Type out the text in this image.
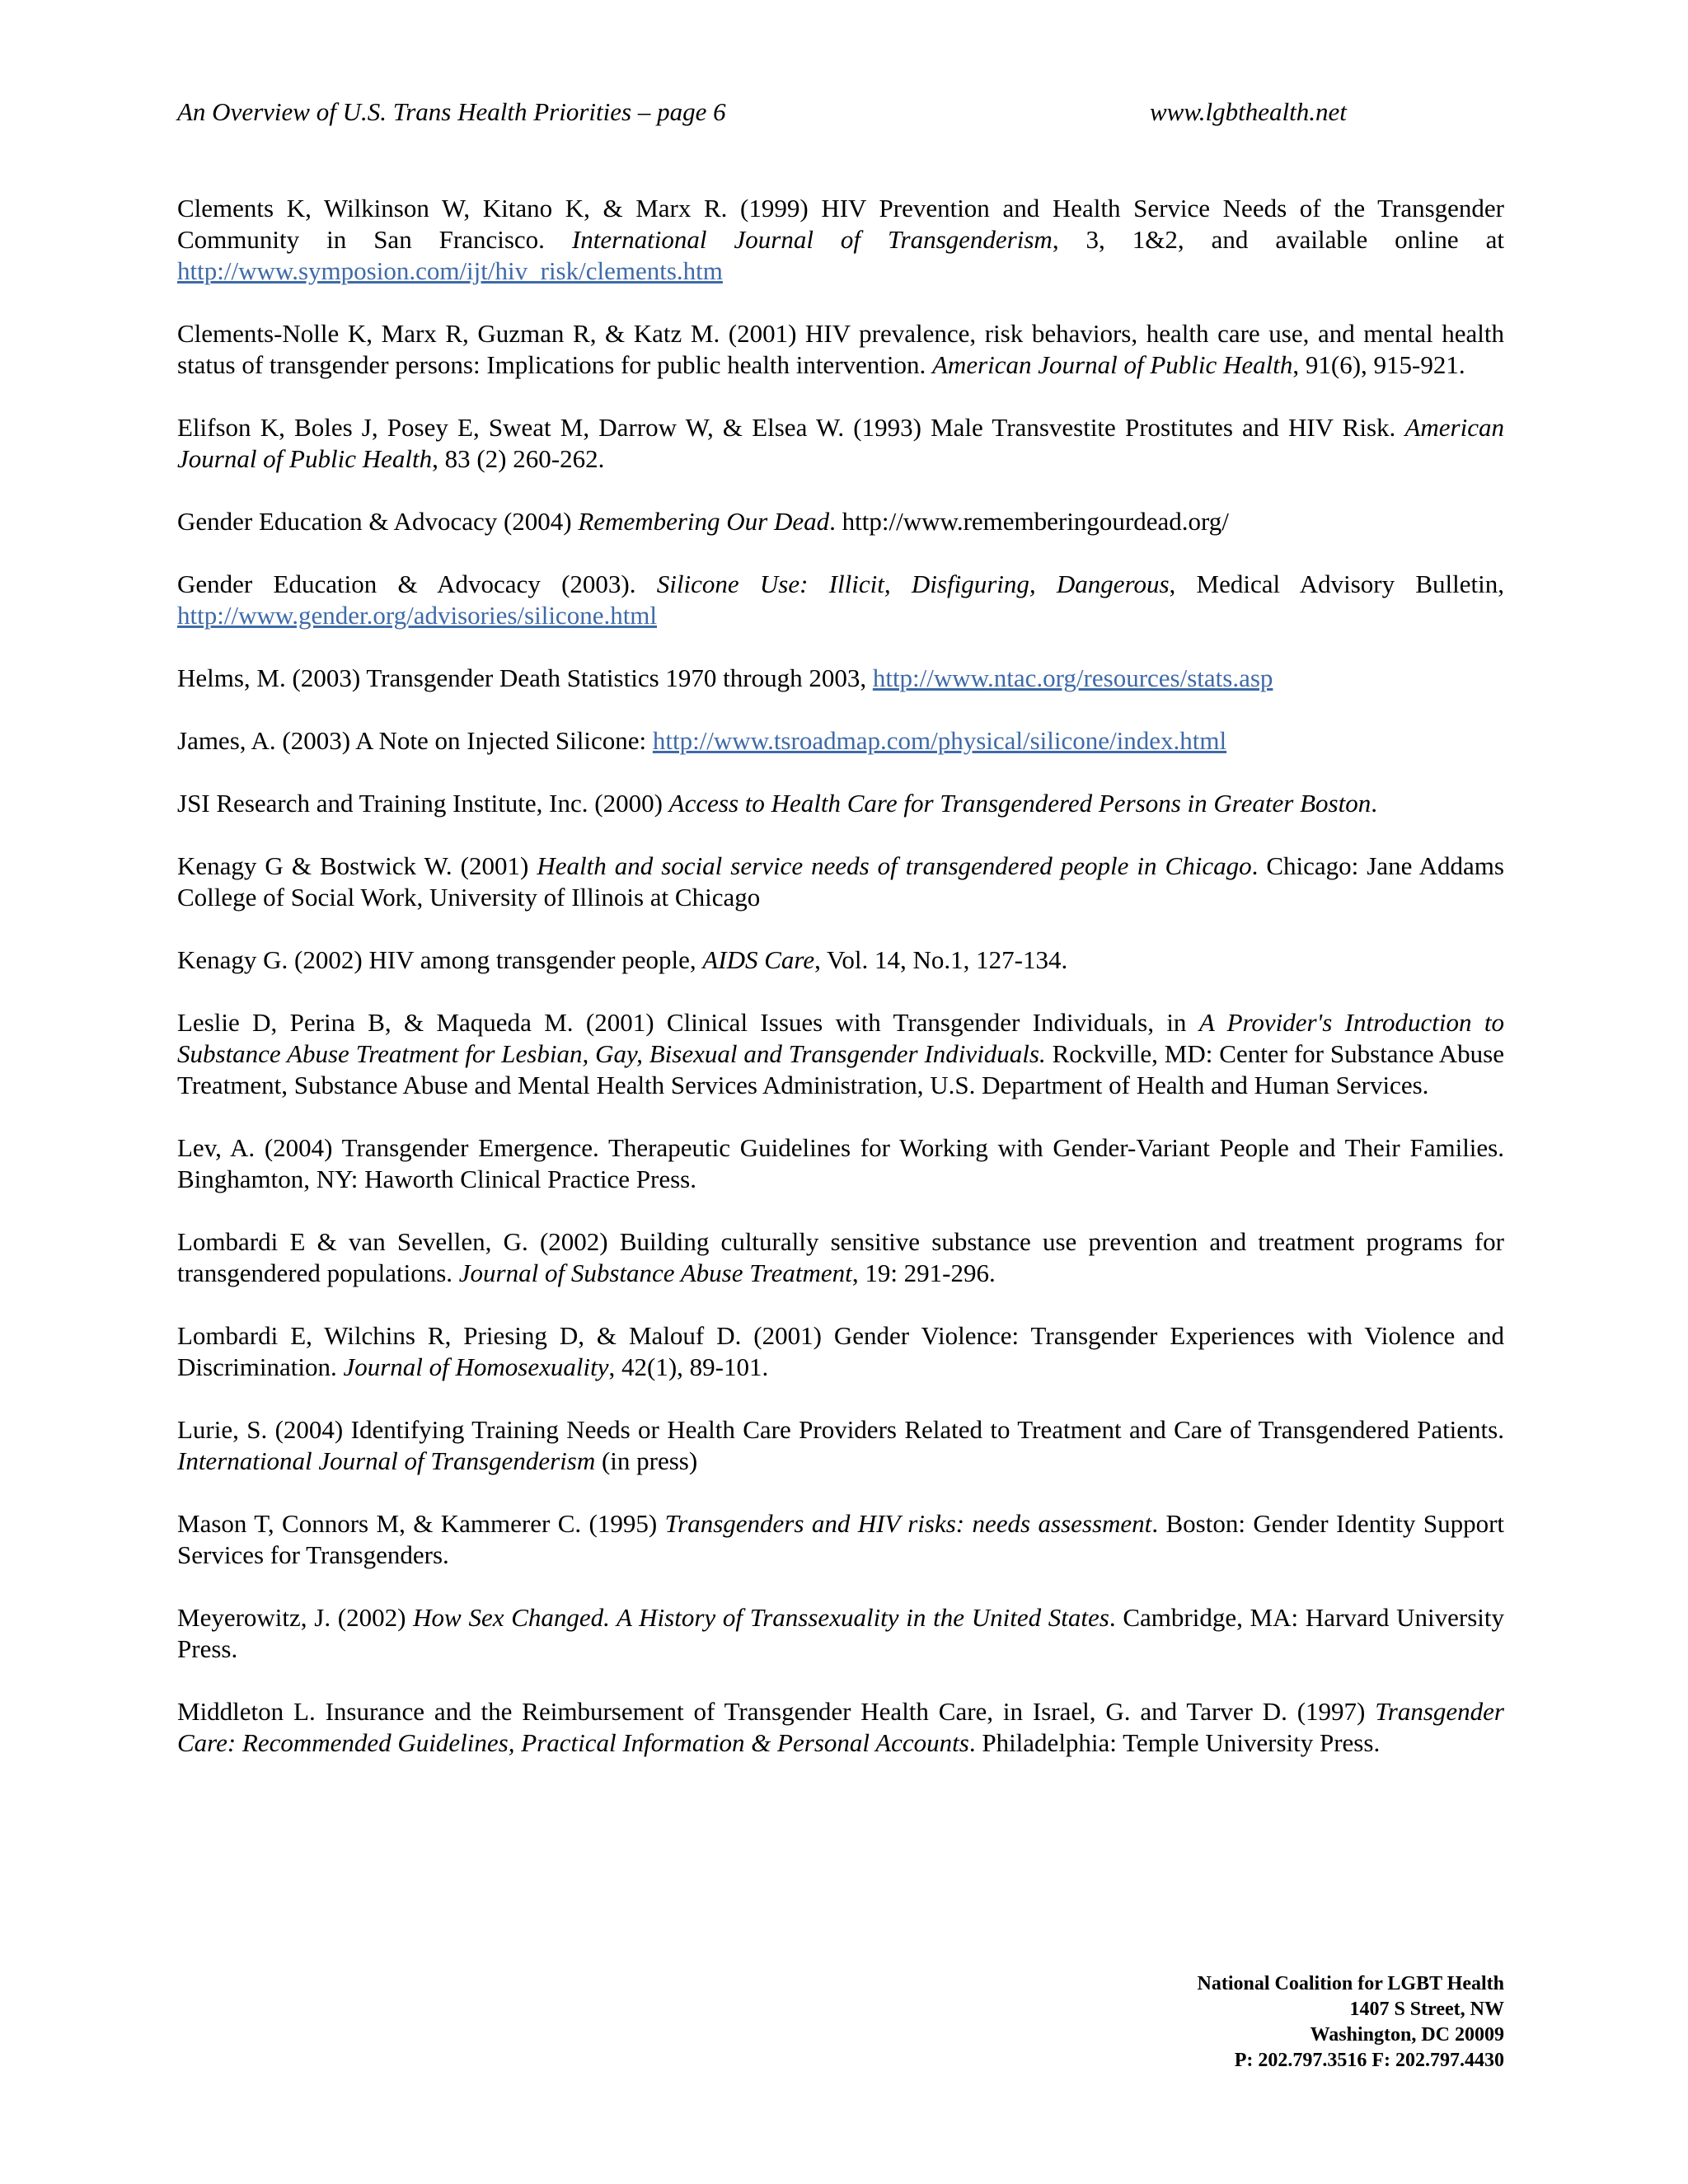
An Overview of U.S. Trans Health Priorities – page 6	www.lgbthealth.net

Clements K, Wilkinson W, Kitano K, & Marx R. (1999) HIV Prevention and Health Service Needs of the Transgender Community in San Francisco. International Journal of Transgenderism, 3, 1&2, and available online at http://www.symposion.com/ijt/hiv_risk/clements.htm

Clements-Nolle K, Marx R, Guzman R, & Katz M. (2001) HIV prevalence, risk behaviors, health care use, and mental health status of transgender persons: Implications for public health intervention. American Journal of Public Health, 91(6), 915-921.

Elifson K, Boles J, Posey E, Sweat M, Darrow W, & Elsea W. (1993) Male Transvestite Prostitutes and HIV Risk. American Journal of Public Health, 83 (2) 260-262.

Gender Education & Advocacy (2004) Remembering Our Dead. http://www.rememberingourdead.org/

Gender Education & Advocacy (2003). Silicone Use: Illicit, Disfiguring, Dangerous, Medical Advisory Bulletin, http://www.gender.org/advisories/silicone.html

Helms, M. (2003) Transgender Death Statistics 1970 through 2003, http://www.ntac.org/resources/stats.asp

James, A. (2003) A Note on Injected Silicone: http://www.tsroadmap.com/physical/silicone/index.html

JSI Research and Training Institute, Inc. (2000) Access to Health Care for Transgendered Persons in Greater Boston.

Kenagy G & Bostwick W. (2001) Health and social service needs of transgendered people in Chicago. Chicago: Jane Addams College of Social Work, University of Illinois at Chicago

Kenagy G. (2002) HIV among transgender people, AIDS Care, Vol. 14, No.1, 127-134.

Leslie D, Perina B, & Maqueda M. (2001) Clinical Issues with Transgender Individuals, in A Provider's Introduction to Substance Abuse Treatment for Lesbian, Gay, Bisexual and Transgender Individuals. Rockville, MD: Center for Substance Abuse Treatment, Substance Abuse and Mental Health Services Administration, U.S. Department of Health and Human Services.

Lev, A. (2004) Transgender Emergence. Therapeutic Guidelines for Working with Gender-Variant People and Their Families. Binghamton, NY: Haworth Clinical Practice Press.

Lombardi E & van Sevellen, G. (2002) Building culturally sensitive substance use prevention and treatment programs for transgendered populations. Journal of Substance Abuse Treatment, 19: 291-296.

Lombardi E, Wilchins R, Priesing D, & Malouf D. (2001) Gender Violence: Transgender Experiences with Violence and Discrimination. Journal of Homosexuality, 42(1), 89-101.

Lurie, S. (2004) Identifying Training Needs or Health Care Providers Related to Treatment and Care of Transgendered Patients. International Journal of Transgenderism (in press)

Mason T, Connors M, & Kammerer C. (1995) Transgenders and HIV risks: needs assessment. Boston: Gender Identity Support Services for Transgenders.

Meyerowitz, J. (2002) How Sex Changed. A History of Transsexuality in the United States. Cambridge, MA: Harvard University Press.

Middleton L. Insurance and the Reimbursement of Transgender Health Care, in Israel, G. and Tarver D. (1997) Transgender Care: Recommended Guidelines, Practical Information & Personal Accounts. Philadelphia: Temple University Press.

National Coalition for LGBT Health
1407 S Street, NW
Washington, DC 20009
P: 202.797.3516 F: 202.797.4430
